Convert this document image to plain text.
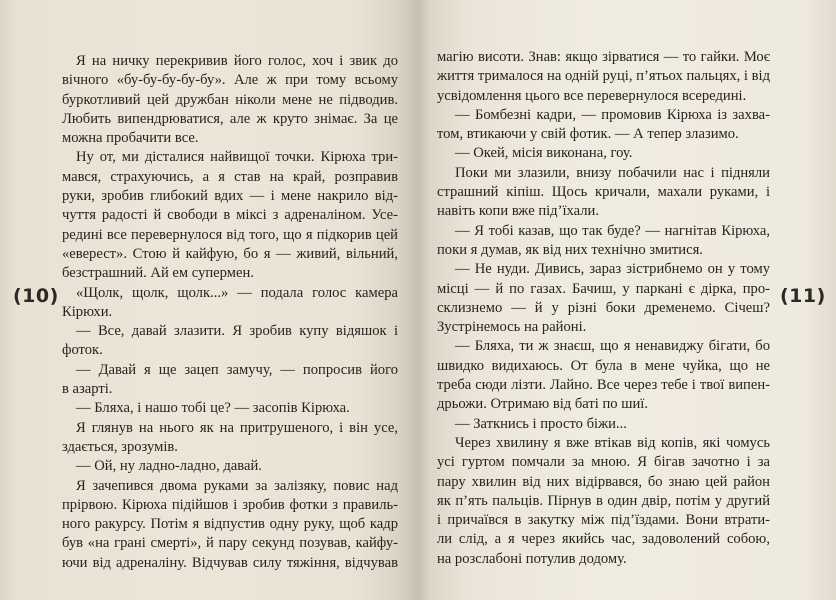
(10)
Я на ничку перекривив його голос, хоч і звик до
вічного «бу-бу-бу-бу-бу». Але ж при тому всьому
буркотливий цей дружбан ніколи мене не підводив.
Любить випендрюватися, але ж круто знімає. За це
можна пробачити все.
Ну от, ми дісталися найвищої точки. Кірюха три-
мався, страхуючись, а я став на край, розправив
руки, зробив глибокий вдих — і мене накрило від-
чуття радості й свободи в міксі з адреналіном. Усе-
редині все перевернулося від того, що я підкорив цей
«еверест». Стою й кайфую, бо я — живий, вільний,
безстрашний. Ай ем супермен.
«Щолк, щолк, щолк...» — подала голос камера
Кірюхи.
— Все, давай злазити. Я зробив купу відяшок і
фоток.
— Давай я ще зацеп замучу, — попросив його
в азарті.
— Бляха, і нашо тобі це? — засопів Кірюха.
Я глянув на нього як на притрушеного, і він усе,
здається, зрозумів.
— Ой, ну ладно-ладно, давай.
Я зачепився двома руками за залізяку, повис над
прірвою. Кірюха підійшов і зробив фотки з правиль-
ного ракурсу. Потім я відпустив одну руку, щоб кадр
був «на грані смерті», й пару секунд позував, кайфу-
ючи від адреналіну. Відчував силу тяжіння, відчував
(11)
магію висоти. Знав: якщо зірватися — то гайки. Моє
життя трималося на одній руці, п’ятьох пальцях, і від
усвідомлення цього все перевернулося всередині.
— Бомбезні кадри, — промовив Кірюха із захва-
том, втикаючи у свій фотик. — А тепер злазимо.
— Окей, місія виконана, гоу.
Поки ми злазили, внизу побачили нас і підняли
страшний кіпіш. Щось кричали, махали руками, і
навіть копи вже під’їхали.
— Я тобі казав, що так буде? — нагнітав Кірюха,
поки я думав, як від них технічно змитися.
— Не нуди. Дивись, зараз зістрибнемо он у тому
місці — й по газах. Бачиш, у паркані є дірка, про-
склизнемо — й у різні боки дременемо. Січеш?
Зустрінемось на районі.
— Бляха, ти ж знаєш, що я ненавиджу бігати, бо
швидко видихаюсь. От була в мене чуйка, що не
треба сюди лізти. Лайно. Все через тебе і твої випен-
дрьожи. Отримаю від баті по шиї.
— Заткнись і просто біжи...
Через хвилину я вже втікав від копів, які чомусь
усі гуртом помчали за мною. Я бігав зачотно і за
пару хвилин від них відірвався, бо знаю цей район
як п’ять пальців. Пірнув в один двір, потім у другий
і причаївся в закутку між під’їздами. Вони втрати-
ли слід, а я через якийсь час, задоволений собою,
на розслабоні потулив додому.
